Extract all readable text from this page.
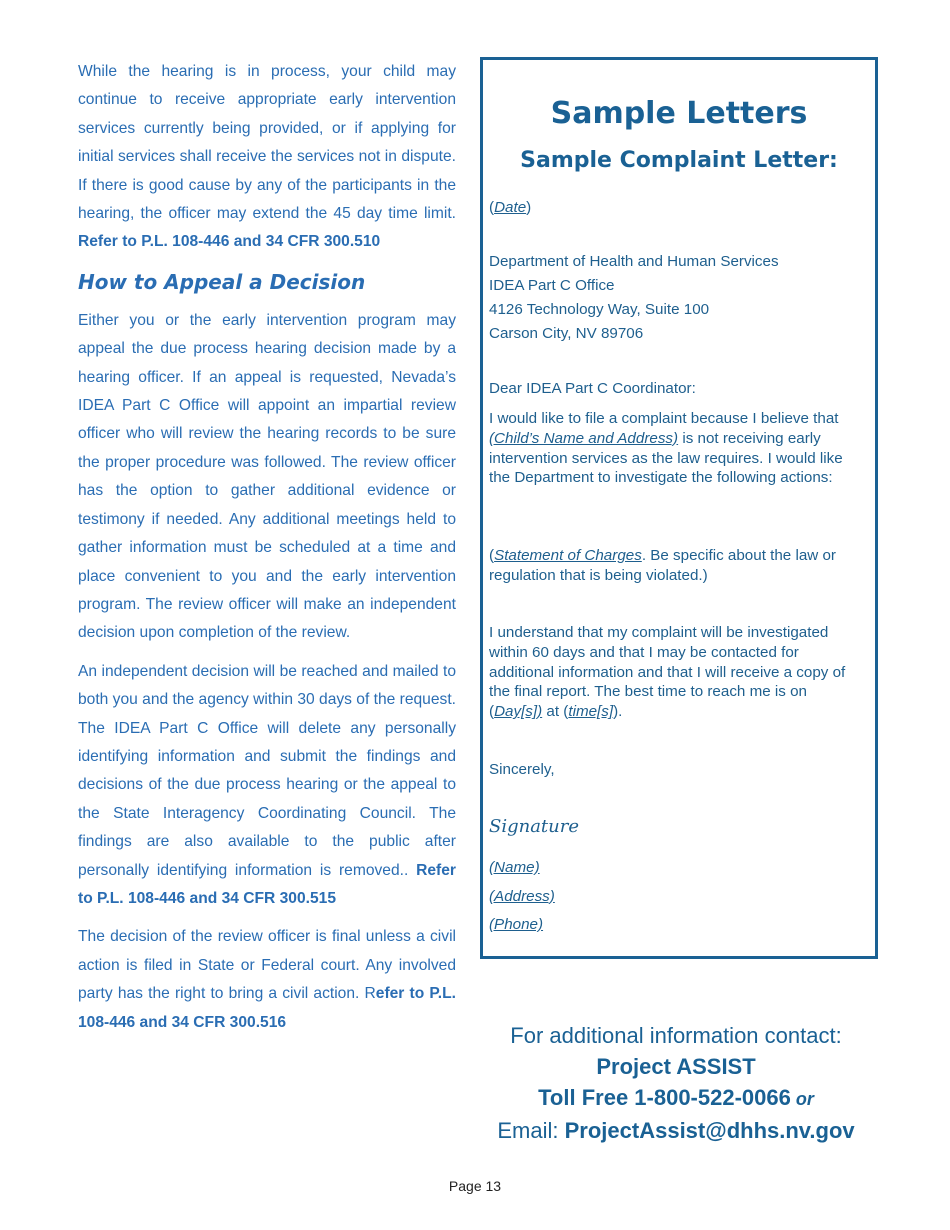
While the hearing is in process, your child may continue to receive appropriate early intervention services currently being provided, or if applying for initial services shall receive the services not in dispute. If there is good cause by any of the participants in the hearing, the officer may extend the 45 day time limit. Refer to P.L. 108-446 and 34 CFR 300.510

How to Appeal a Decision

Either you or the early intervention program may appeal the due process hearing decision made by a hearing officer. If an appeal is requested, Nevada’s IDEA Part C Office will appoint an impartial review officer who will review the hearing records to be sure the proper procedure was followed. The review officer has the option to gather additional evidence or testimony if needed. Any additional meetings held to gather information must be scheduled at a time and place convenient to you and the early intervention program. The review officer will make an independent decision upon completion of the review.

An independent decision will be reached and mailed to both you and the agency within 30 days of the request. The IDEA Part C Office will delete any personally identifying information and submit the findings and decisions of the due process hearing or the appeal to the State Interagency Coordinating Council. The findings are also available to the public after personally identifying information is removed.. Refer to P.L. 108-446 and 34 CFR 300.515

The decision of the review officer is final unless a civil action is filed in State or Federal court. Any involved party has the right to bring a civil action. Refer to P.L. 108-446 and 34 CFR 300.516

Sample Letters
Sample Complaint Letter:
(Date)
Department of Health and Human Services
IDEA Part C Office
4126 Technology Way, Suite 100
Carson City, NV 89706
Dear IDEA Part C Coordinator:
I would like to file a complaint because I believe that (Child’s Name and Address) is not receiving early intervention services as the law requires. I would like the Department to investigate the following actions:
(Statement of Charges. Be specific about the law or regulation that is being violated.)
I understand that my complaint will be investigated within 60 days and that I may be contacted for additional information and that I will receive a copy of the final report. The best time to reach me is on (Day[s]) at (time[s]).
Sincerely,
Signature
(Name)
(Address)
(Phone)
For additional information contact:
Project ASSIST
Toll Free 1-800-522-0066 or
Email: ProjectAssist@dhhs.nv.gov
Page 13
